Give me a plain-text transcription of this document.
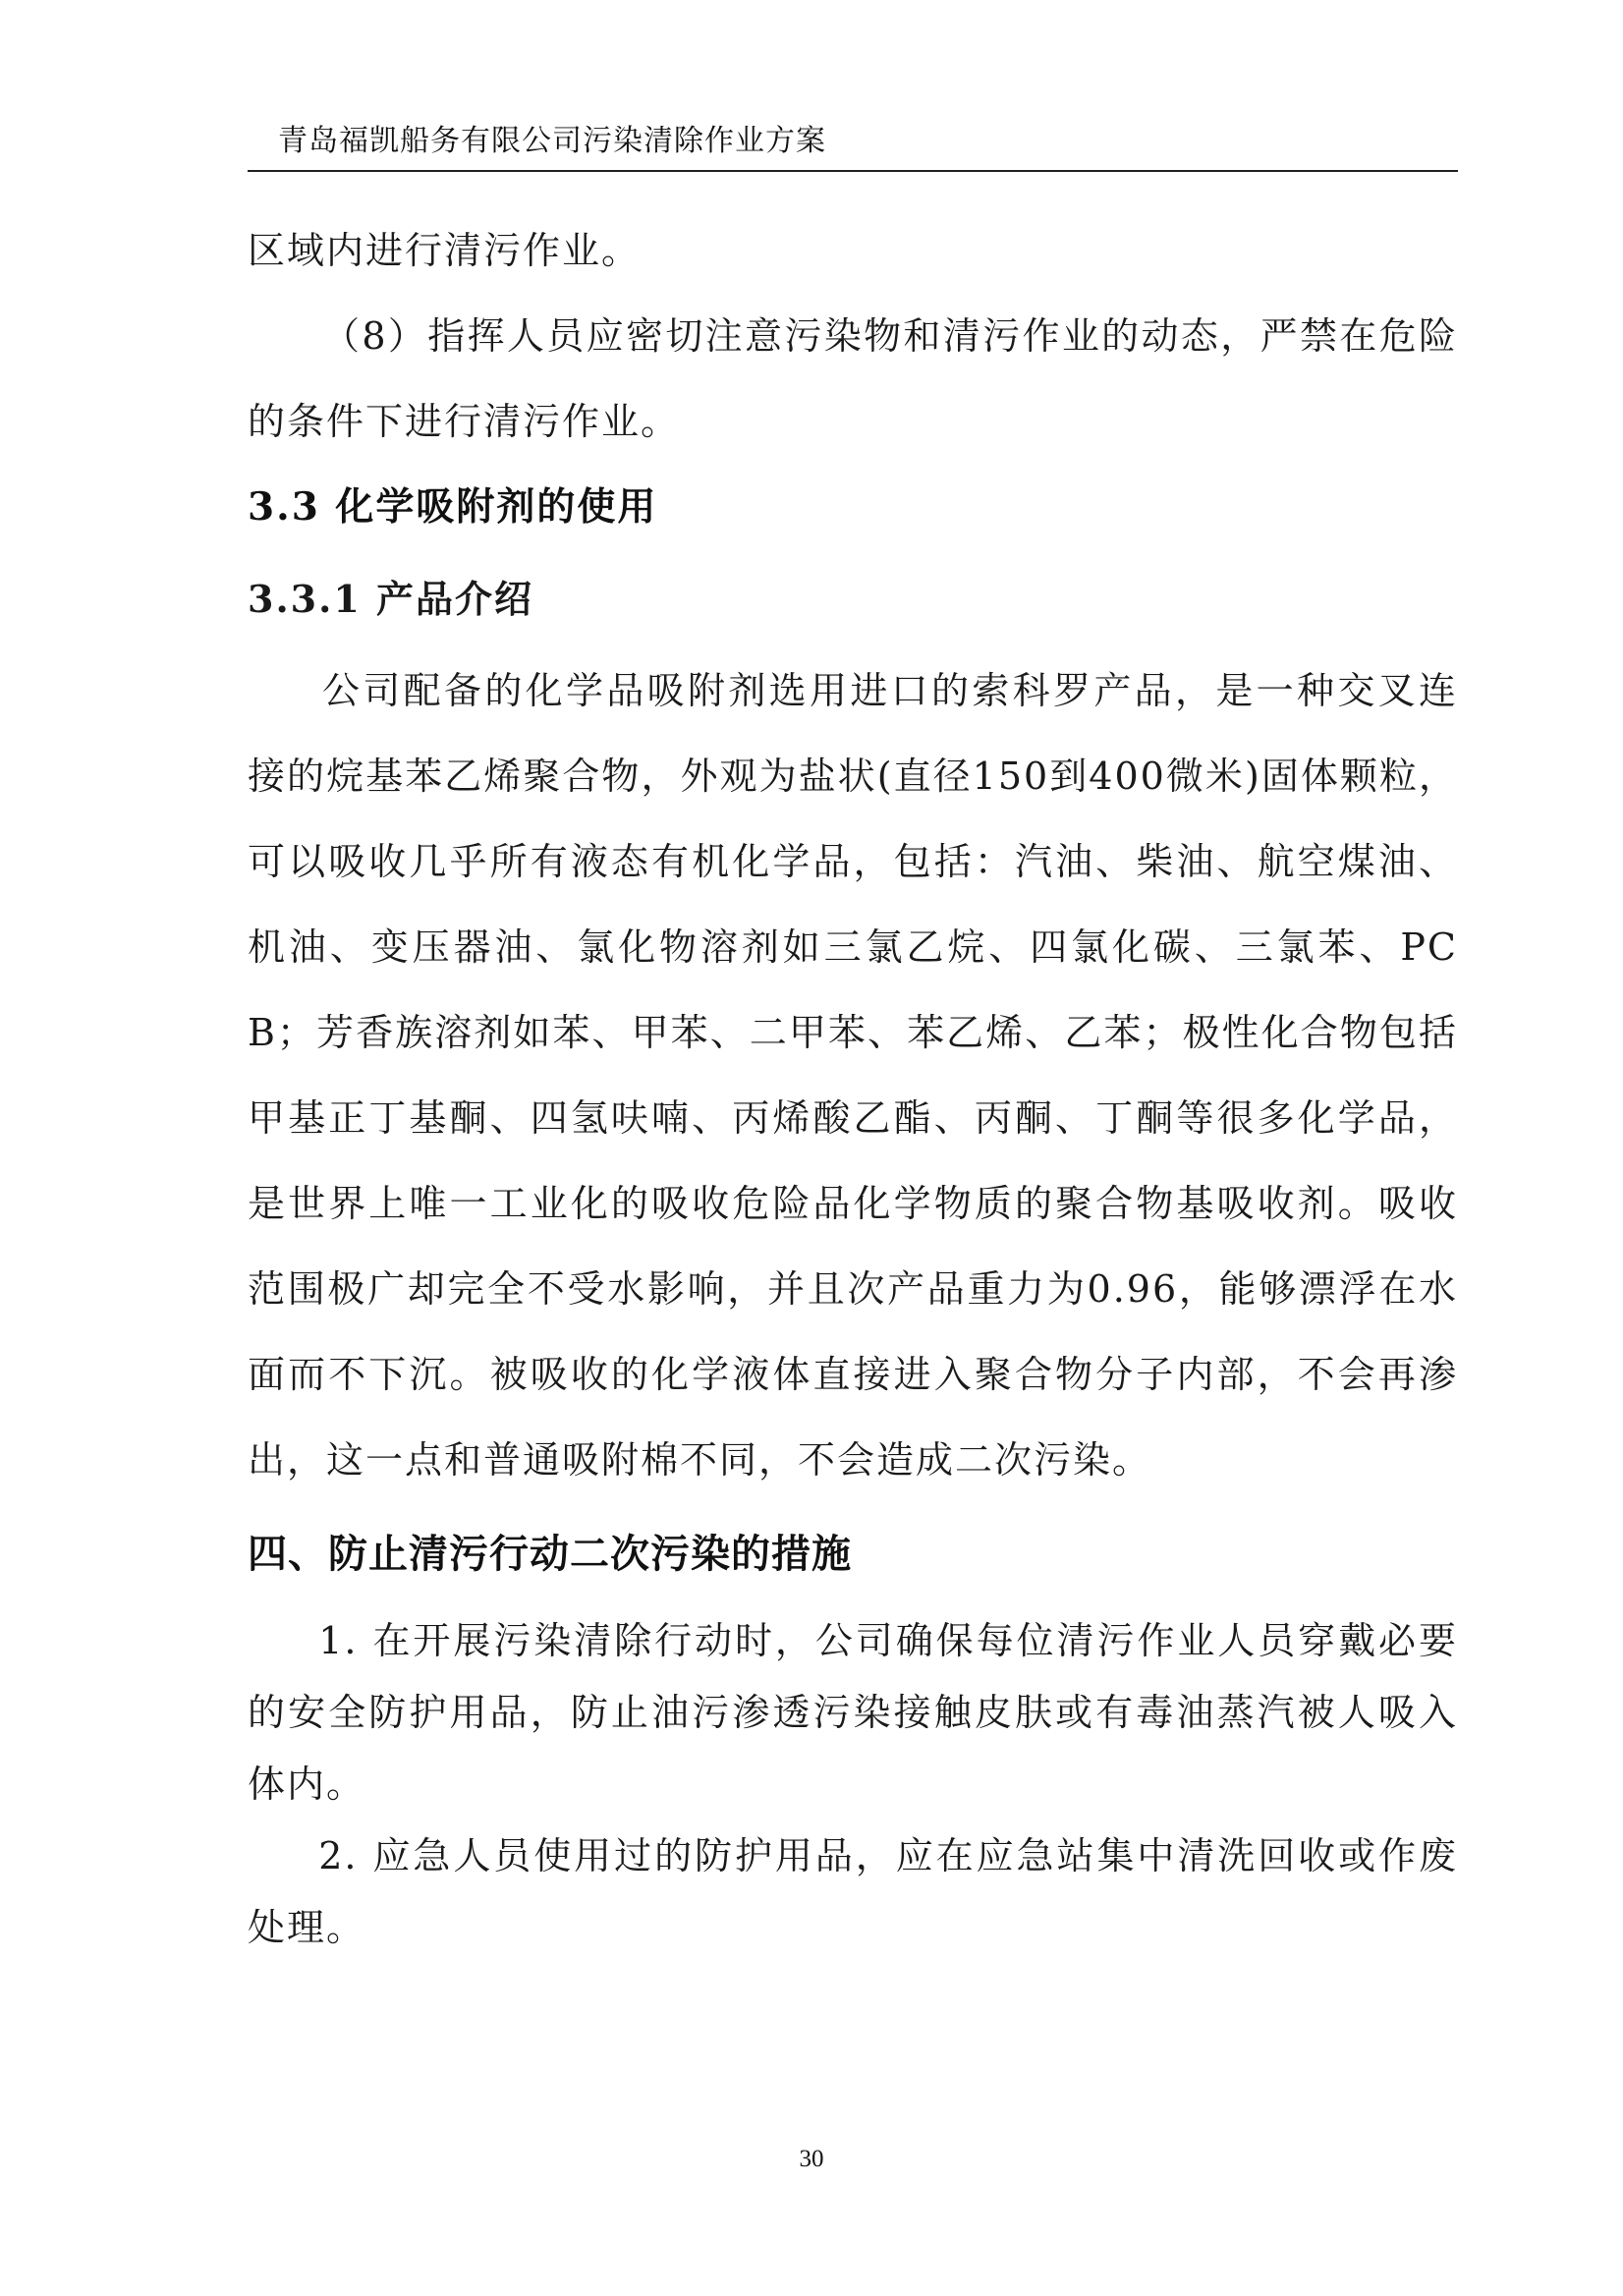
青岛福凯船务有限公司污染清除作业方案

区域内进行清污作业。

（8）指挥人员应密切注意污染物和清污作业的动态，严禁在危险的条件下进行清污作业。

3.3 化学吸附剂的使用
3.3.1 产品介绍

公司配备的化学品吸附剂选用进口的索科罗产品，是一种交叉连接的烷基苯乙烯聚合物，外观为盐状(直径150到400微米)固体颗粒，可以吸收几乎所有液态有机化学品，包括：汽油、柴油、航空煤油、机油、变压器油、氯化物溶剂如三氯乙烷、四氯化碳、三氯苯、PCB；芳香族溶剂如苯、甲苯、二甲苯、苯乙烯、乙苯；极性化合物包括甲基正丁基酮、四氢呋喃、丙烯酸乙酯、丙酮、丁酮等很多化学品，是世界上唯一工业化的吸收危险品化学物质的聚合物基吸收剂。吸收范围极广却完全不受水影响，并且次产品重力为0.96，能够漂浮在水面而不下沉。被吸收的化学液体直接进入聚合物分子内部，不会再渗出，这一点和普通吸附棉不同，不会造成二次污染。

四、防止清污行动二次污染的措施

1. 在开展污染清除行动时，公司确保每位清污作业人员穿戴必要的安全防护用品，防止油污渗透污染接触皮肤或有毒油蒸汽被人吸入体内。

2. 应急人员使用过的防护用品，应在应急站集中清洗回收或作废处理。

30
